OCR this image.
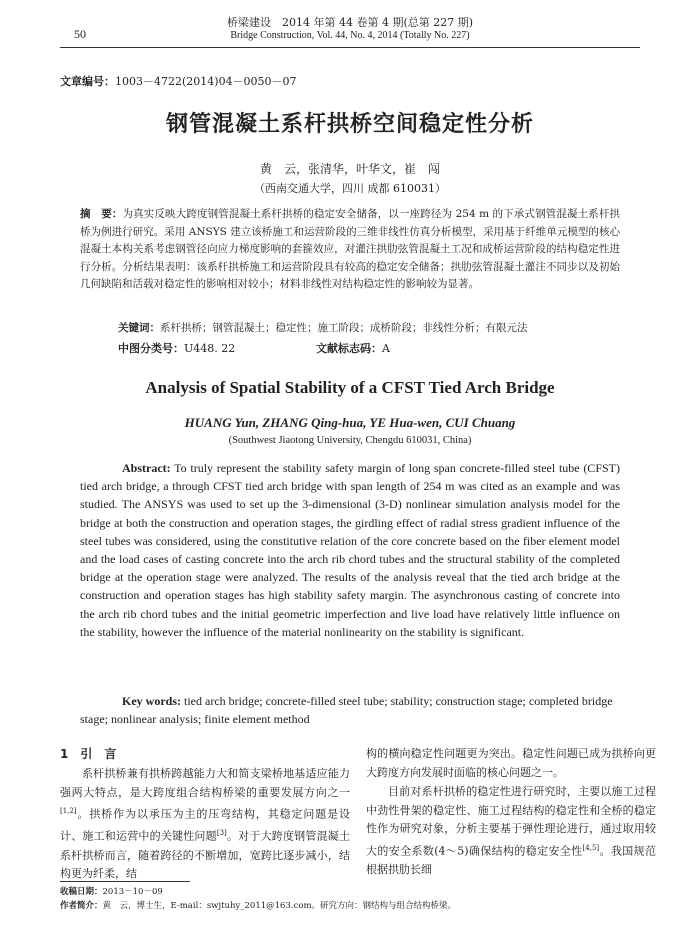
桥梁建设　2014 年第 44 卷第 4 期(总第 227 期)
50	Bridge Construction, Vol. 44, No. 4, 2014 (Totally No. 227)
文章编号：1003－4722(2014)04－0050－07
钢管混凝土系杆拱桥空间稳定性分析
黄　云，张清华，叶华文，崔　闯
（西南交通大学，四川 成都 610031）
摘　要：为真实反映大跨度钢管混凝土系杆拱桥的稳定安全储备，以一座跨径为 254 m 的下承式钢管混凝土系杆拱桥为例进行研究。采用 ANSYS 建立该桥施工和运营阶段的三维非线性仿真分析模型，采用基于纤维单元模型的核心混凝土本构关系考虑钢管径向应力梯度影响的套箍效应，对灌注拱肋弦管混凝土工况和成桥运营阶段的结构稳定性进行分析。分析结果表明：该系杆拱桥施工和运营阶段具有较高的稳定安全储备；拱肋弦管混凝土灌注不同步以及初始几何缺陷和活载对稳定性的影响相对较小；材料非线性对结构稳定性的影响较为显著。
关键词：系杆拱桥；钢管混凝土；稳定性；施工阶段；成桥阶段；非线性分析；有限元法
中图分类号：U448. 22	文献标志码：A
Analysis of Spatial Stability of a CFST Tied Arch Bridge
HUANG Yun, ZHANG Qing-hua, YE Hua-wen, CUI Chuang
(Southwest Jiaotong University, Chengdu 610031, China)
Abstract: To truly represent the stability safety margin of long span concrete-filled steel tube (CFST) tied arch bridge, a through CFST tied arch bridge with span length of 254 m was cited as an example and was studied. The ANSYS was used to set up the 3-dimensional (3-D) nonlinear simulation analysis model for the bridge at both the construction and operation stages, the girdling effect of radial stress gradient influence of the steel tubes was considered, using the constitutive relation of the core concrete based on the fiber element model and the load cases of casting concrete into the arch rib chord tubes and the structural stability of the completed bridge at the operation stage were analyzed. The results of the analysis reveal that the tied arch bridge at the construction and operation stages has high stability safety margin. The asynchronous casting of concrete into the arch rib chord tubes and the initial geometric imperfection and live load have relatively little influence on the stability, however the influence of the material nonlinearity on the stability is significant.
Key words: tied arch bridge; concrete-filled steel tube; stability; construction stage; completed bridge stage; nonlinear analysis; finite element method
1　引　言
系杆拱桥兼有拱桥跨越能力大和简支梁桥地基适应能力强两大特点，是大跨度组合结构桥梁的重要发展方向之一[1,2]。拱桥作为以承压为主的压弯结构，其稳定问题是设计、施工和运营中的关键性问题[3]。对于大跨度钢管混凝土系杆拱桥而言，随着跨径的不断增加，宽跨比逐步减小，结构更为纤柔，结
构的横向稳定性问题更为突出。稳定性问题已成为拱桥向更大跨度方向发展时面临的核心问题之一。
目前对系杆拱桥的稳定性进行研究时，主要以施工过程中劲性骨架的稳定性、施工过程结构的稳定性和全桥的稳定性作为研究对象，分析主要基于弹性理论进行，通过取用较大的安全系数(4～5)确保结构的稳定安全性[4,5]。我国规范根据拱肋长细
收稿日期：2013－10－09
作者简介：黄　云，博士生，E-mail：swjtuhy_2011@163.com。研究方向：钢结构与组合结构桥梁。
